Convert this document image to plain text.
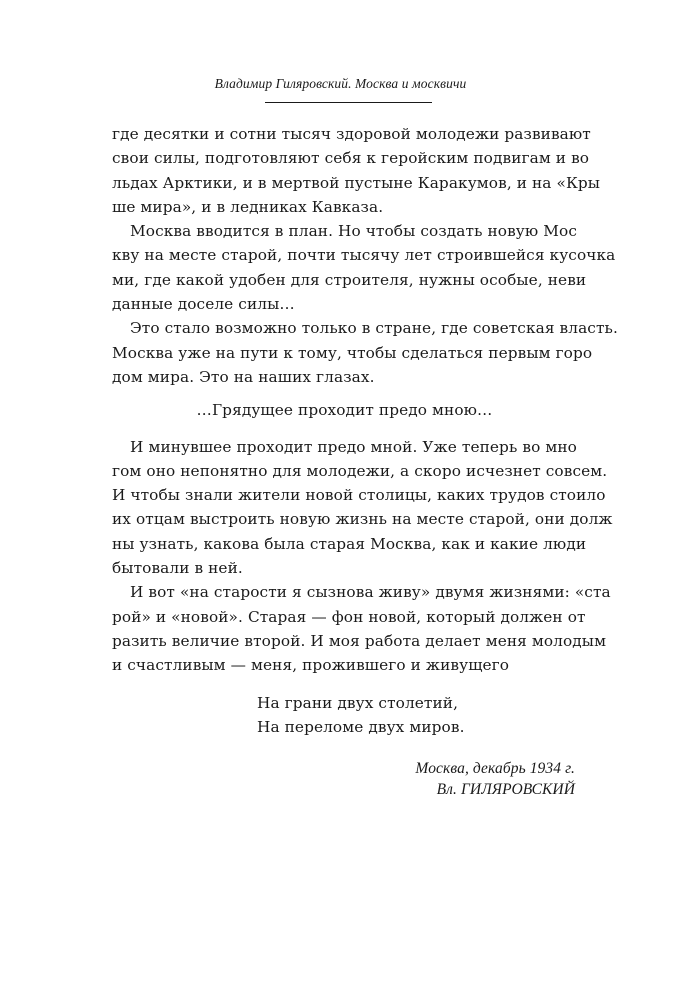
Владимир Гиляровский. Москва и москвичи
где десятки и сотни тысяч здоровой молодежи развивают
свои силы, подготовляют себя к геройским подвигам и во
льдах Арктики, и в мертвой пустыне Каракумов, и на «Кры
ше мира», и в ледниках Кавказа.
Москва вводится в план. Но чтобы создать новую Мос
кву на месте старой, почти тысячу лет строившейся кусочка
ми, где какой удобен для строителя, нужны особые, неви
данные доселе силы…
Это стало возможно только в стране, где советская власть.
Москва уже на пути к тому, чтобы сделаться первым горо
дом мира. Это на наших глазах.
…Грядущее проходит предо мною…
И минувшее проходит предо мной. Уже теперь во мно
гом оно непонятно для молодежи, а скоро исчезнет совсем.
И чтобы знали жители новой столицы, каких трудов стоило
их отцам выстроить новую жизнь на месте старой, они долж
ны узнать, какова была старая Москва, как и какие люди
бытовали в ней.
И вот «на старости я сызнова живу» двумя жизнями: «ста
рой» и «новой». Старая — фон новой, который должен от
разить величие второй. И моя работа делает меня молодым
и счастливым — меня, прожившего и живущего
На грани двух столетий,
На переломе двух миров.
Москва, декабрь 1934 г.
Вл. ГИЛЯРОВСКИЙ
